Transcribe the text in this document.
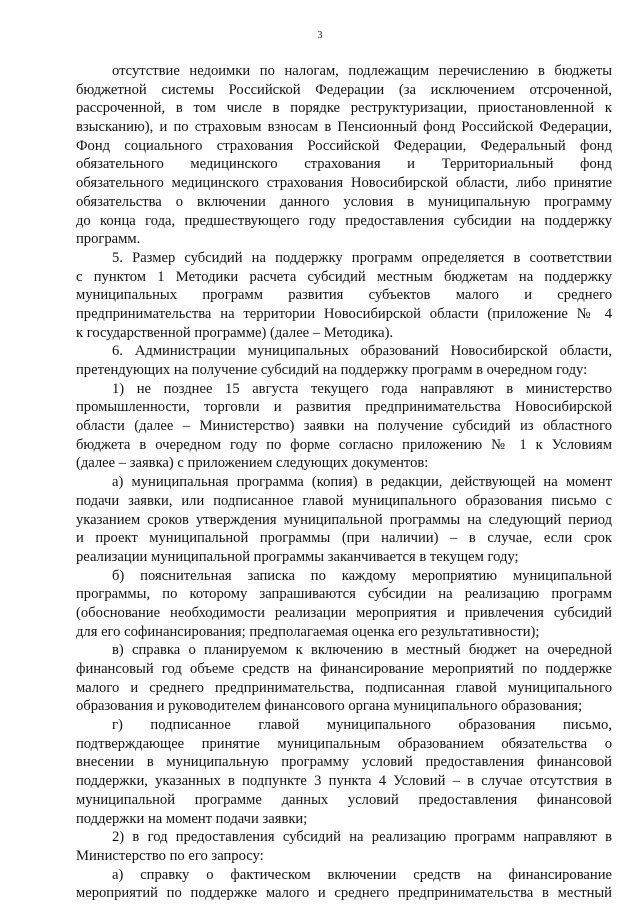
3
отсутствие недоимки по налогам, подлежащим перечислению в бюджеты
бюджетной системы Российской Федерации (за исключением отсроченной,
рассроченной, в том числе в порядке реструктуризации, приостановленной к
взысканию), и по страховым взносам в Пенсионный фонд Российской Федерации,
Фонд социального страхования Российской Федерации, Федеральный фонд
обязательного медицинского страхования и Территориальный фонд
обязательного медицинского страхования Новосибирской области, либо принятие
обязательства о включении данного условия в муниципальную программу
до конца года, предшествующего году предоставления субсидии на поддержку
программ.
5. Размер субсидий на поддержку программ определяется в соответствии
с пунктом 1 Методики расчета субсидий местным бюджетам на поддержку
муниципальных программ развития субъектов малого и среднего
предпринимательства на территории Новосибирской области (приложение № 4
к государственной программе) (далее – Методика).
6. Администрации муниципальных образований Новосибирской области,
претендующих на получение субсидий на поддержку программ в очередном году:
1) не позднее 15 августа текущего года направляют в министерство
промышленности, торговли и развития предпринимательства Новосибирской
области (далее – Министерство) заявки на получение субсидий из областного
бюджета в очередном году по форме согласно приложению № 1 к Условиям
(далее – заявка) с приложением следующих документов:
а) муниципальная программа (копия) в редакции, действующей на момент
подачи заявки, или подписанное главой муниципального образования письмо с
указанием сроков утверждения муниципальной программы на следующий период
и проект муниципальной программы (при наличии) – в случае, если срок
реализации муниципальной программы заканчивается в текущем году;
б) пояснительная записка по каждому мероприятию муниципальной
программы, по которому запрашиваются субсидии на реализацию программ
(обоснование необходимости реализации мероприятия и привлечения субсидий
для его софинансирования; предполагаемая оценка его результативности);
в) справка о планируемом к включению в местный бюджет на очередной
финансовый год объеме средств на финансирование мероприятий по поддержке
малого и среднего предпринимательства, подписанная главой муниципального
образования и руководителем финансового органа муниципального образования;
г) подписанное главой муниципального образования письмо,
подтверждающее принятие муниципальным образованием обязательства о
внесении в муниципальную программу условий предоставления финансовой
поддержки, указанных в подпункте 3 пункта 4 Условий – в случае отсутствия в
муниципальной программе данных условий предоставления финансовой
поддержки на момент подачи заявки;
2) в год предоставления субсидий на реализацию программ направляют в
Министерство по его запросу:
а) справку о фактическом включении средств на финансирование
мероприятий по поддержке малого и среднего предпринимательства в местный
